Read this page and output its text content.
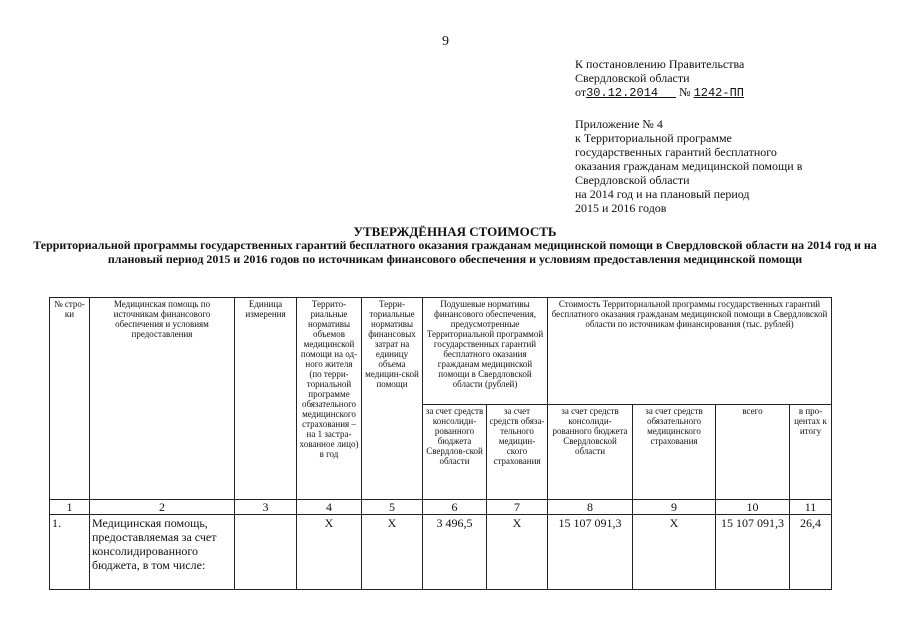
9
К постановлению Правительства
Свердловской области
от30.12.2014 № 1242-ПП
Приложение № 4
к Территориальной программе
государственных гарантий бесплатного
оказания гражданам медицинской помощи в
Свердловской области
на 2014 год и на плановый период
2015 и 2016 годов
УТВЕРЖДЁННАЯ СТОИМОСТЬ
Территориальной программы государственных гарантий бесплатного оказания гражданам медицинской помощи в Свердловской области на 2014 год и на плановый период 2015 и 2016 годов по источникам финансового обеспечения и условиям предоставления медицинской помощи
№ стро-ки	Медицинская помощь по источникам финансового обеспечения и условиям предоставления	Единица измерения	Террито-риальные нормативы объемов медицинской помощи на од-ного жителя (по терри-ториальной программе обязательного медицинского страхования – на 1 застра-хованное лицо) в год	Терри-ториальные нормативы финансовых затрат на единицу объема медицин-ской помощи	Подушевые нормативы финансового обеспечения, предусмотренные Территориальной программой государственных гарантий бесплатного оказания гражданам медицинской помощи в Свердловской области (рублей)		Стоимость Территориальной программы государственных гарантий бесплатного оказания гражданам медицинской помощи в Свердловской области по источникам финансирования (тыс. рублей)			
					за счет средств консолиди-рованного бюджета Свердлов-ской области	за счет средств обяза-тельного медицин-ского страхования	за счет средств консолиди-рованного бюджета Свердловской области	за счет средств обязательного медицинского страхования	всего	в про-центах к итогу
1	2	3	4	5	6	7	8	9	10	11
1.	Медицинская помощь, предоставляемая за счет консолидированного бюджета, в том числе:		Х	Х	3 496,5	Х	15 107 091,3	Х	15 107 091,3	26,4
